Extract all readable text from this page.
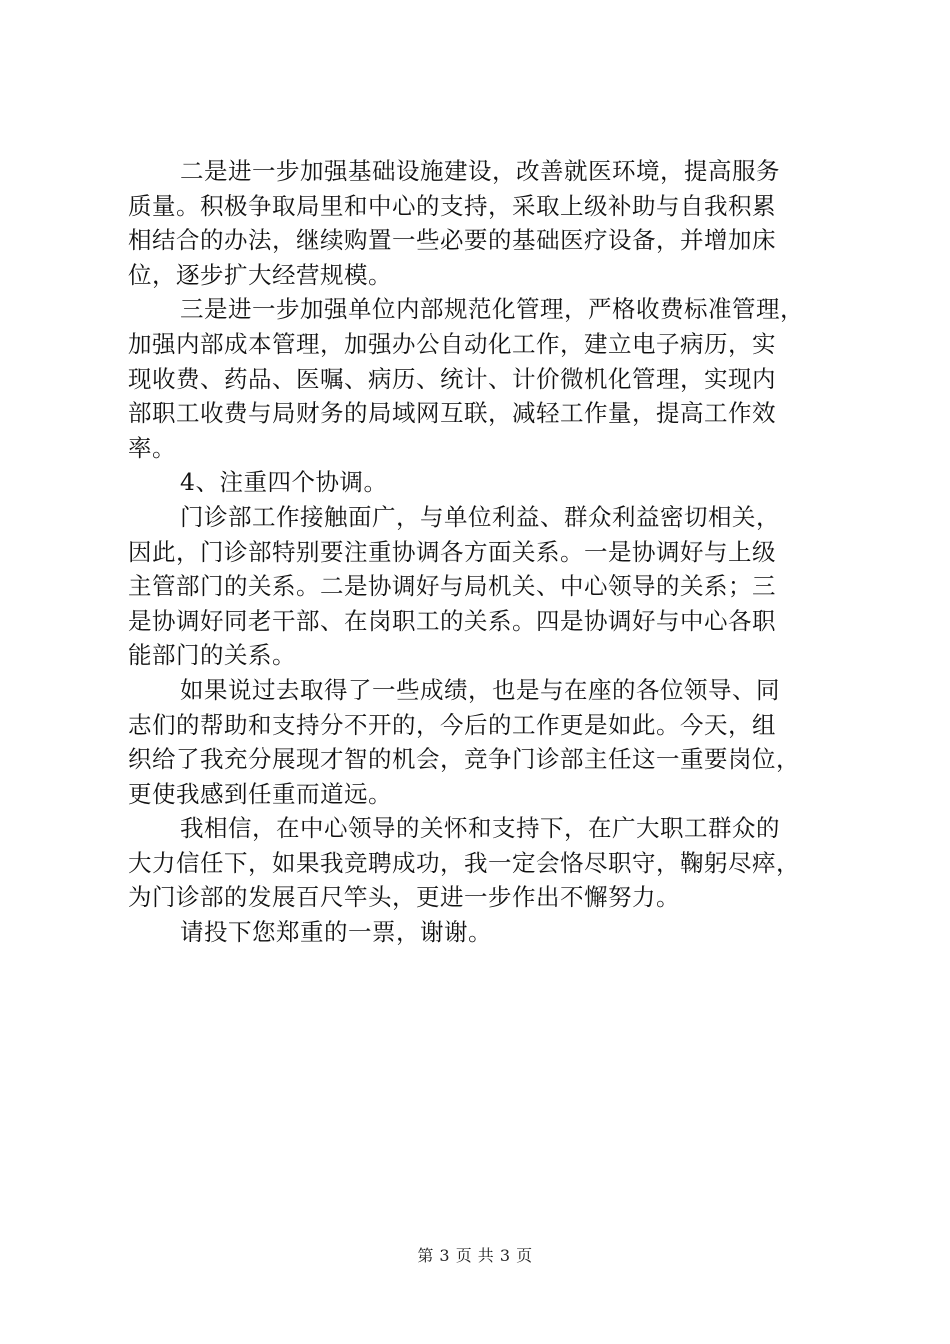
二是进一步加强基础设施建设，改善就医环境，提高服务
质量。积极争取局里和中心的支持，采取上级补助与自我积累
相结合的办法，继续购置一些必要的基础医疗设备，并增加床
位，逐步扩大经营规模。
三是进一步加强单位内部规范化管理，严格收费标准管理，
加强内部成本管理，加强办公自动化工作，建立电子病历，实
现收费、药品、医嘱、病历、统计、计价微机化管理，实现内
部职工收费与局财务的局域网互联，减轻工作量，提高工作效
率。
4、注重四个协调。
门诊部工作接触面广，与单位利益、群众利益密切相关，
因此，门诊部特别要注重协调各方面关系。一是协调好与上级
主管部门的关系。二是协调好与局机关、中心领导的关系；三
是协调好同老干部、在岗职工的关系。四是协调好与中心各职
能部门的关系。
如果说过去取得了一些成绩，也是与在座的各位领导、同
志们的帮助和支持分不开的，今后的工作更是如此。今天，组
织给了我充分展现才智的机会，竞争门诊部主任这一重要岗位，
更使我感到任重而道远。
我相信，在中心领导的关怀和支持下，在广大职工群众的
大力信任下，如果我竞聘成功，我一定会恪尽职守，鞠躬尽瘁，
为门诊部的发展百尺竿头，更进一步作出不懈努力。
请投下您郑重的一票，谢谢。
第 3 页 共 3 页
